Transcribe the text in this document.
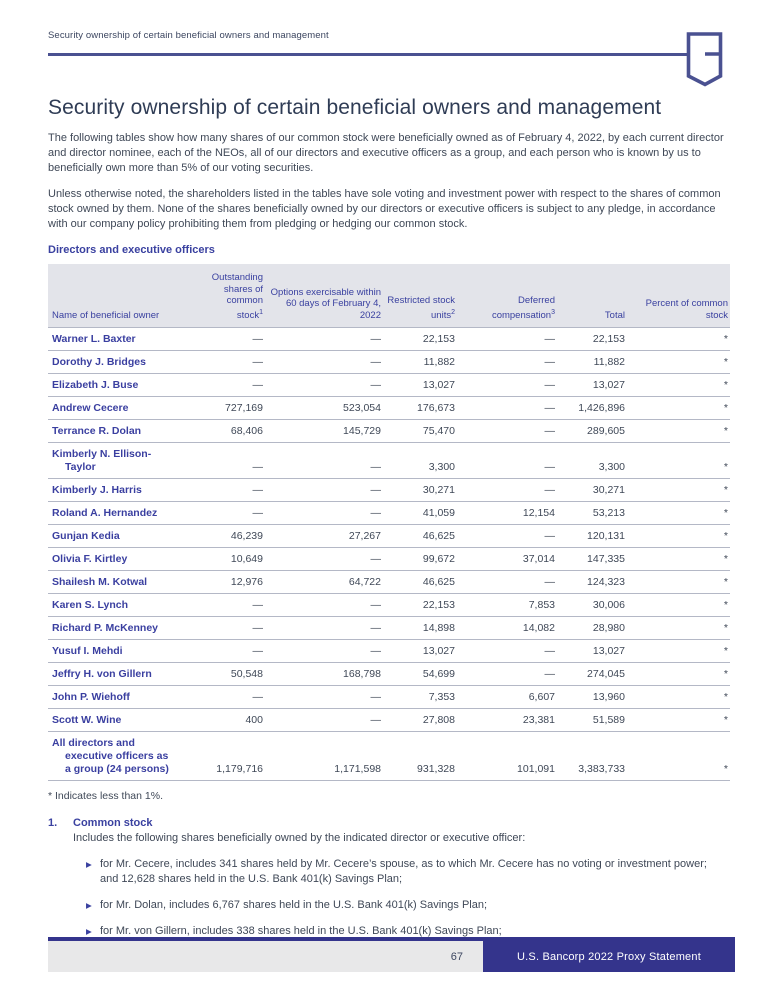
Security ownership of certain beneficial owners and management
Security ownership of certain beneficial owners and management

The following tables show how many shares of our common stock were beneficially owned as of February 4, 2022, by each current director and director nominee, each of the NEOs, all of our directors and executive officers as a group, and each person who is known by us to beneficially own more than 5% of our voting securities.

Unless otherwise noted, the shareholders listed in the tables have sole voting and investment power with respect to the shares of common stock owned by them. None of the shares beneficially owned by our directors or executive officers is subject to any pledge, in accordance with our company policy prohibiting them from pledging or hedging our common stock.

Directors and executive officers
Name of beneficial owner	Outstanding shares of common stock$^1$	Options exercisable within 60 days of February 4, 2022	Restricted stock units$^2$	Deferred compensation$^3$	Total	Percent of common stock

Warner L. Baxter	—	—	22,153	—	22,153	*

Dorothy J. Bridges	—	—	11,882	—	11,882	*

Elizabeth J. Buse	—	—	13,027	—	13,027	*

Andrew Cecere	727,169	523,054	176,673	—	1,426,896	*

Terrance R. Dolan	68,406	145,729	75,470	—	289,605	*

Kimberly N. Ellison-Taylor	—	—	3,300	—	3,300	*

Kimberly J. Harris	—	—	30,271	—	30,271	*

Roland A. Hernandez	—	—	41,059	12,154	53,213	*

Gunjan Kedia	46,239	27,267	46,625	—	120,131	*

Olivia F. Kirtley	10,649	—	99,672	37,014	147,335	*

Shailesh M. Kotwal	12,976	64,722	46,625	—	124,323	*

Karen S. Lynch	—	—	22,153	7,853	30,006	*

Richard P. McKenney	—	—	14,898	14,082	28,980	*

Yusuf I. Mehdi	—	—	13,027	—	13,027	*

Jeffry H. von Gillern	50,548	168,798	54,699	—	274,045	*

John P. Wiehoff	—	—	7,353	6,607	13,960	*

Scott W. Wine	400	—	27,808	23,381	51,589	*

All directors and executive officers as a group (24 persons)	1,179,716	1,171,598	931,328	101,091	3,383,733	*
* Indicates less than 1%.
1.	Common stock
Includes the following shares beneficially owned by the indicated director or executive officer:
▶ for Mr. Cecere, includes 341 shares held by Mr. Cecere’s spouse, as to which Mr. Cecere has no voting or investment power; and 12,628 shares held in the U.S. Bank 401(k) Savings Plan;
▶ for Mr. Dolan, includes 6,767 shares held in the U.S. Bank 401(k) Savings Plan;
▶ for Mr. von Gillern, includes 338 shares held in the U.S. Bank 401(k) Savings Plan;
67	U.S. Bancorp 2022 Proxy Statement
